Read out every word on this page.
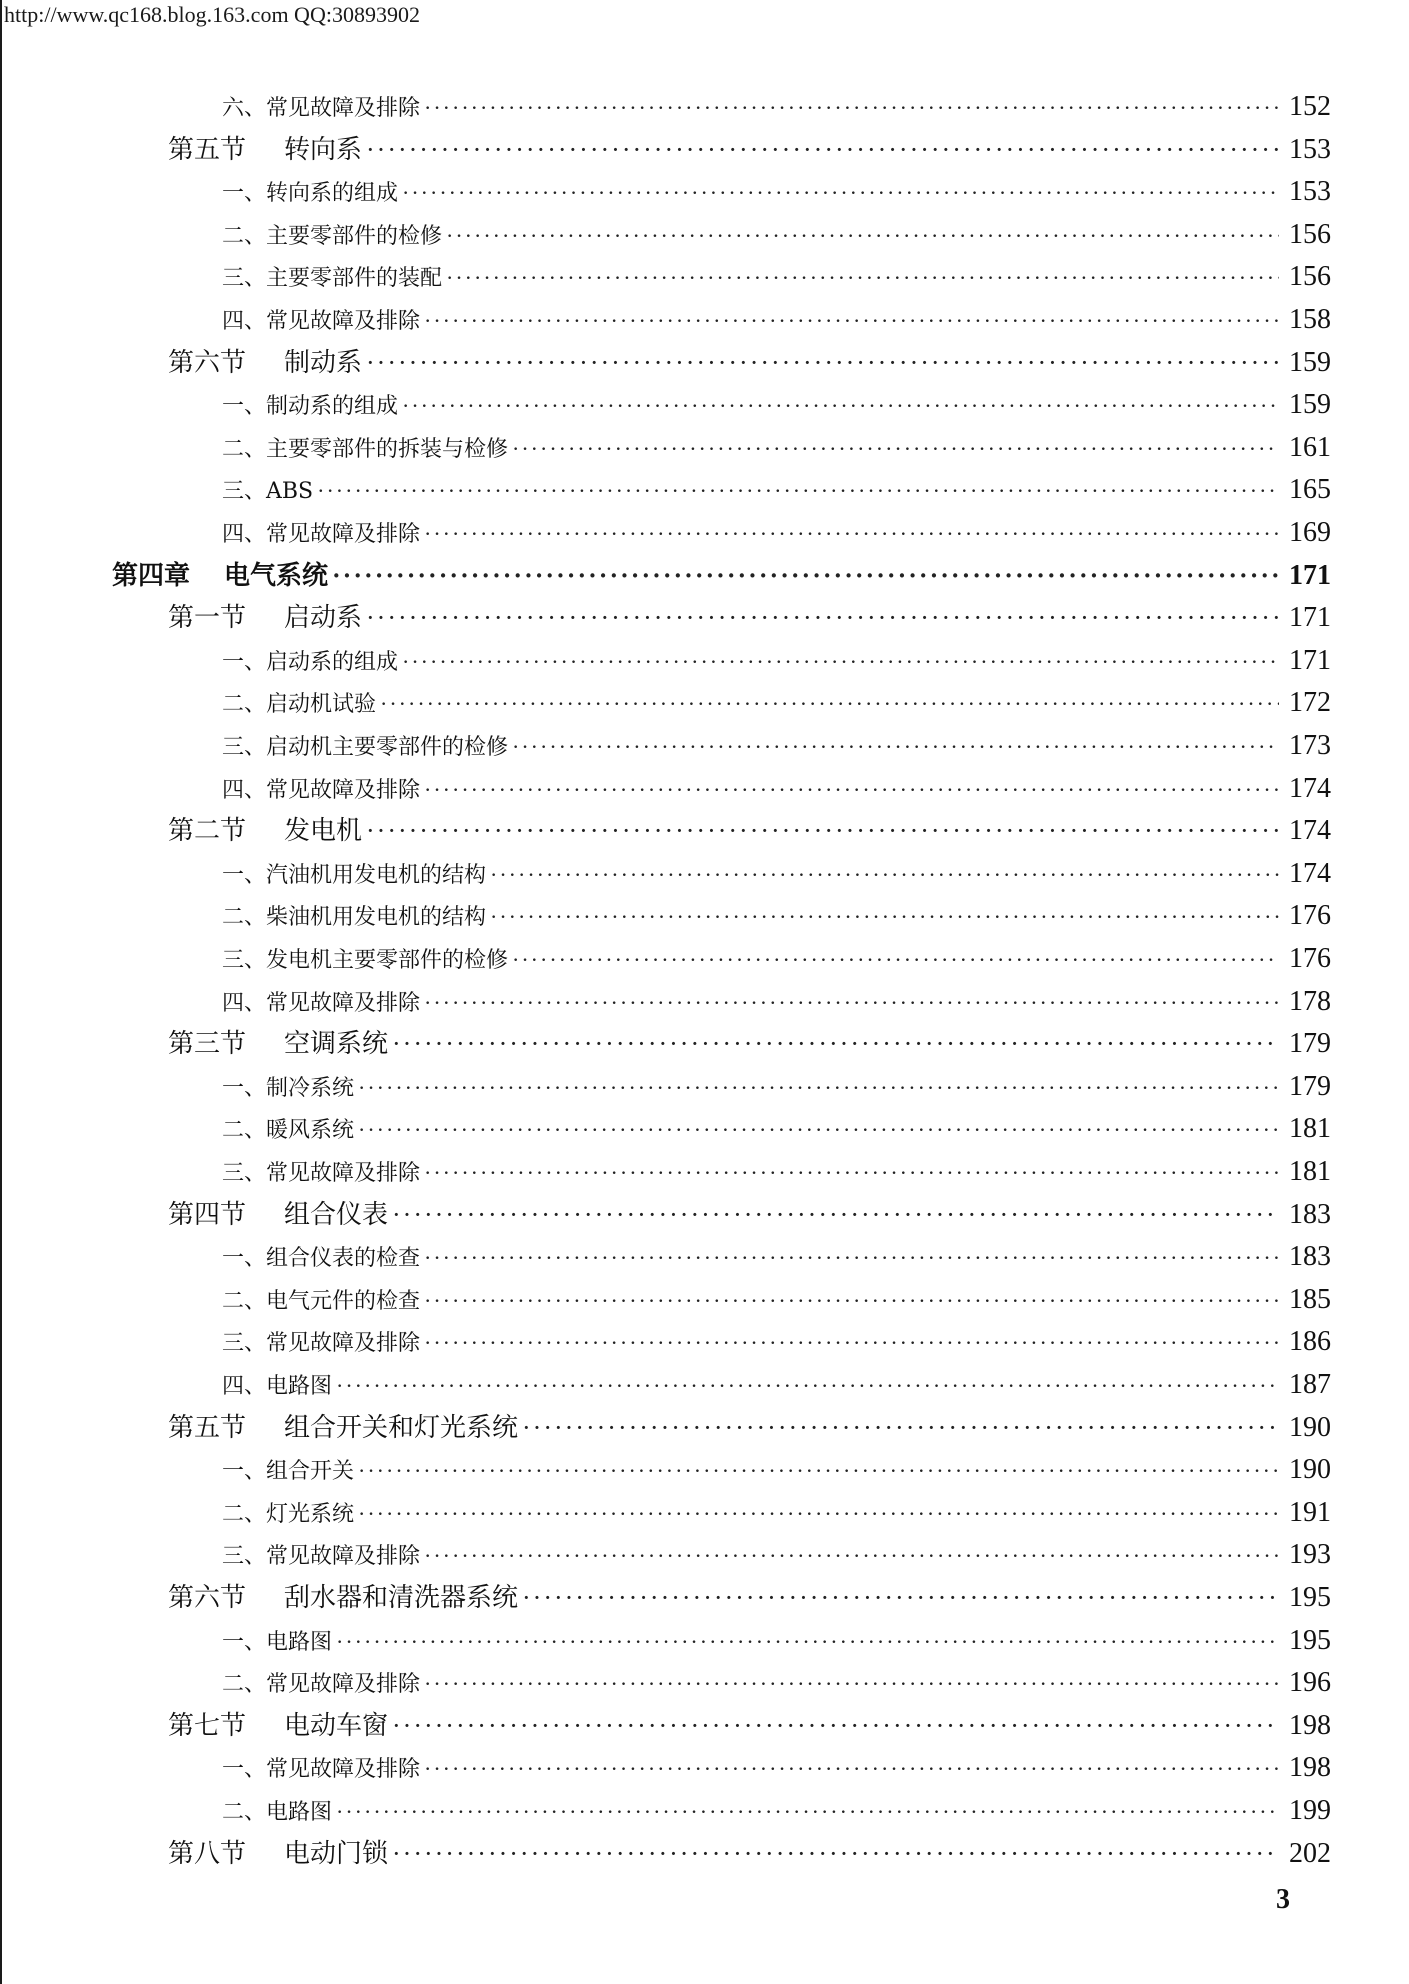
http://www.qc168.blog.163.com QQ:30893902
六、常见故障及排除 ·····	152
第五节	转向系 ·····	153
一、转向系的组成 ·····	153
二、主要零部件的检修 ·····	156
三、主要零部件的装配 ·····	156
四、常见故障及排除 ·····	158
第六节	制动系 ·····	159
一、制动系的组成 ·····	159
二、主要零部件的拆装与检修 ·····	161
三、ABS ·····	165
四、常见故障及排除 ·····	169
第四章	电气系统 ·····	171
第一节	启动系 ·····	171
一、启动系的组成 ·····	171
二、启动机试验 ·····	172
三、启动机主要零部件的检修 ·····	173
四、常见故障及排除 ·····	174
第二节	发电机 ·····	174
一、汽油机用发电机的结构 ·····	174
二、柴油机用发电机的结构 ·····	176
三、发电机主要零部件的检修 ·····	176
四、常见故障及排除 ·····	178
第三节	空调系统 ·····	179
一、制冷系统 ·····	179
二、暖风系统 ·····	181
三、常见故障及排除 ·····	181
第四节	组合仪表 ·····	183
一、组合仪表的检查 ·····	183
二、电气元件的检查 ·····	185
三、常见故障及排除 ·····	186
四、电路图 ·····	187
第五节	组合开关和灯光系统 ·····	190
一、组合开关 ·····	190
二、灯光系统 ·····	191
三、常见故障及排除 ·····	193
第六节	刮水器和清洗器系统 ·····	195
一、电路图 ·····	195
二、常见故障及排除 ·····	196
第七节	电动车窗 ·····	198
一、常见故障及排除 ·····	198
二、电路图 ·····	199
第八节	电动门锁 ·····	202
3
